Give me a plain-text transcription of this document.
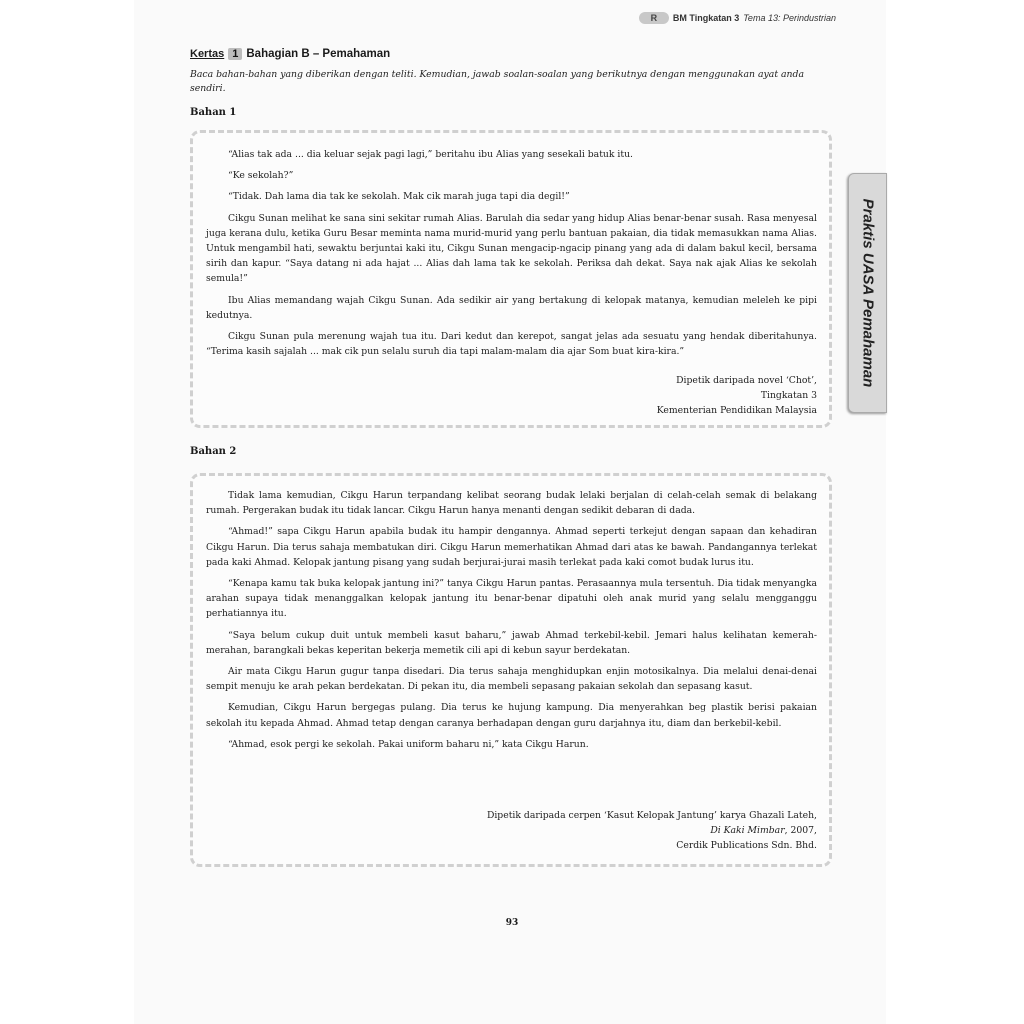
R	BM Tingkatan 3 Tema 13: Perindustrian
Kertas 1 Bahagian B – Pemahaman
Baca bahan-bahan yang diberikan dengan teliti. Kemudian, jawab soalan-soalan yang berikutnya dengan menggunakan ayat anda sendiri.
Bahan 1

“Alias tak ada ... dia keluar sejak pagi lagi,” beritahu ibu Alias yang sesekali batuk itu.

“Ke sekolah?”

“Tidak. Dah lama dia tak ke sekolah. Mak cik marah juga tapi dia degil!”

Cikgu Sunan melihat ke sana sini sekitar rumah Alias. Barulah dia sedar yang hidup Alias benar-benar susah. Rasa menyesal juga kerana dulu, ketika Guru Besar meminta nama murid-murid yang perlu bantuan pakaian, dia tidak memasukkan nama Alias. Untuk mengambil hati, sewaktu berjuntai kaki itu, Cikgu Sunan mengacip-ngacip pinang yang ada di dalam bakul kecil, bersama sirih dan kapur. “Saya datang ni ada hajat ... Alias dah lama tak ke sekolah. Periksa dah dekat. Saya nak ajak Alias ke sekolah semula!”

Ibu Alias memandang wajah Cikgu Sunan. Ada sedikir air yang bertakung di kelopak matanya, kemudian meleleh ke pipi kedutnya.

Cikgu Sunan pula merenung wajah tua itu. Dari kedut dan kerepot, sangat jelas ada sesuatu yang hendak diberitahunya. “Terima kasih sajalah ... mak cik pun selalu suruh dia tapi malam-malam dia ajar Som buat kira-kira.”

Dipetik daripada novel ‘Chot’,
Tingkatan 3
Kementerian Pendidikan Malaysia
Bahan 2

Tidak lama kemudian, Cikgu Harun terpandang kelibat seorang budak lelaki berjalan di celah-celah semak di belakang rumah. Pergerakan budak itu tidak lancar. Cikgu Harun hanya menanti dengan sedikit debaran di dada.

“Ahmad!” sapa Cikgu Harun apabila budak itu hampir dengannya. Ahmad seperti terkejut dengan sapaan dan kehadiran Cikgu Harun. Dia terus sahaja membatukan diri. Cikgu Harun memerhatikan Ahmad dari atas ke bawah. Pandangannya terlekat pada kaki Ahmad. Kelopak jantung pisang yang sudah berjurai-jurai masih terlekat pada kaki comot budak lurus itu.

“Kenapa kamu tak buka kelopak jantung ini?” tanya Cikgu Harun pantas. Perasaannya mula tersentuh. Dia tidak menyangka arahan supaya tidak menanggalkan kelopak jantung itu benar-benar dipatuhi oleh anak murid yang selalu mengganggu perhatiannya itu.

“Saya belum cukup duit untuk membeli kasut baharu,” jawab Ahmad terkebil-kebil. Jemari halus kelihatan kemerah-merahan, barangkali bekas keperitan bekerja memetik cili api di kebun sayur berdekatan.

Air mata Cikgu Harun gugur tanpa disedari. Dia terus sahaja menghidupkan enjin motosikalnya. Dia melalui denai-denai sempit menuju ke arah pekan berdekatan. Di pekan itu, dia membeli sepasang pakaian sekolah dan sepasang kasut.

Kemudian, Cikgu Harun bergegas pulang. Dia terus ke hujung kampung. Dia menyerahkan beg plastik berisi pakaian sekolah itu kepada Ahmad. Ahmad tetap dengan caranya berhadapan dengan guru darjahnya itu, diam dan berkebil-kebil.

“Ahmad, esok pergi ke sekolah. Pakai uniform baharu ni,” kata Cikgu Harun.

Dipetik daripada cerpen ‘Kasut Kelopak Jantung’ karya Ghazali Lateh,
Di Kaki Mimbar, 2007,
Cerdik Publications Sdn. Bhd.
Praktis UASA Pemahaman
93
